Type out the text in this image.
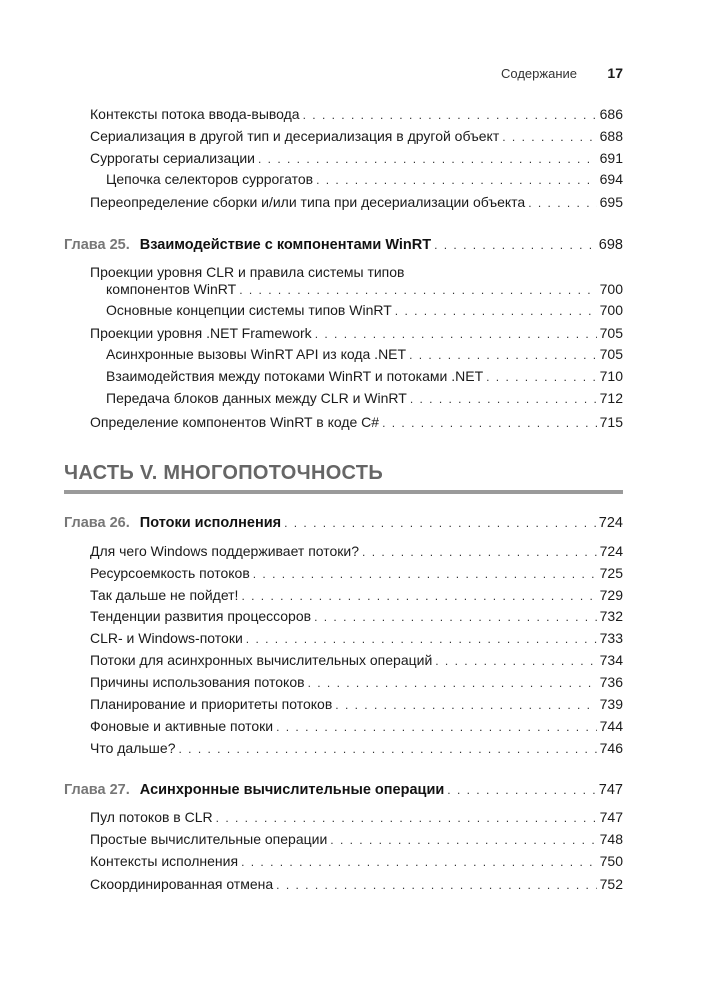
Содержание 17
Контексты потока ввода-вывода . . .	686
Сериализация в другой тип и десериализация в другой объект . . .	688
Суррогаты сериализации . . .	691
Цепочка селекторов суррогатов . . .	694
Переопределение сборки и/или типа при десериализации объекта . . .	695
Глава 25. Взаимодействие с компонентами WinRT . . .	698
Проекции уровня CLR и правила системы типов
компонентов WinRT . . .	700
Основные концепции системы типов WinRT . . .	700
Проекции уровня .NET Framework . . .	705
Асинхронные вызовы WinRT API из кода .NET . . .	705
Взаимодействия между потоками WinRT и потоками .NET . . .	710
Передача блоков данных между CLR и WinRT . . .	712
Определение компонентов WinRT в коде C# . . .	715
ЧАСТЬ V. МНОГОПОТОЧНОСТЬ
Глава 26. Потоки исполнения . . .	724
Для чего Windows поддерживает потоки? . . .	724
Ресурсоемкость потоков . . .	725
Так дальше не пойдет! . . .	729
Тенденции развития процессоров . . .	732
CLR- и Windows-потоки . . .	733
Потоки для асинхронных вычислительных операций . . .	734
Причины использования потоков . . .	736
Планирование и приоритеты потоков . . .	739
Фоновые и активные потоки . . .	744
Что дальше? . . .	746
Глава 27. Асинхронные вычислительные операции . . .	747
Пул потоков в CLR . . .	747
Простые вычислительные операции . . .	748
Контексты исполнения . . .	750
Скоординированная отмена . . .	752
